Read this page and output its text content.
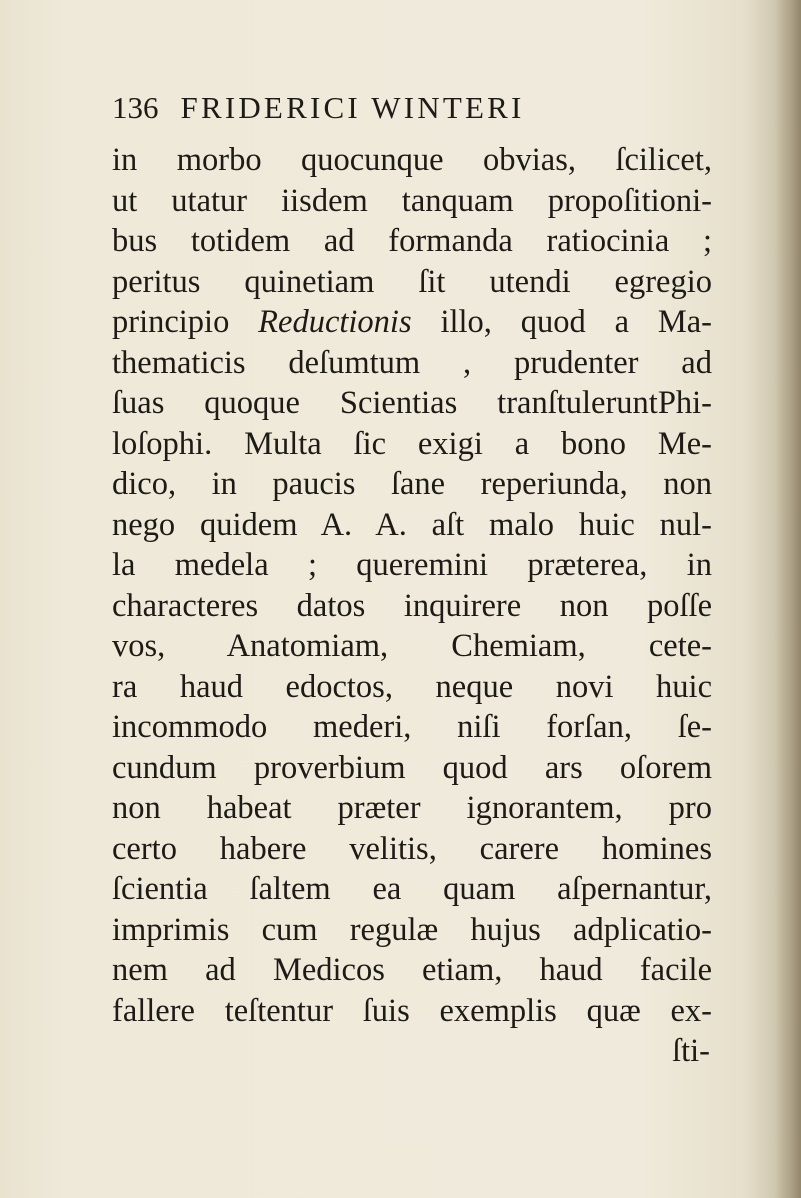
136 FRIDERICI WINTERI
in morbo quocunque obvias, ſcilicet,
ut utatur iisdem tanquam propoſitioni-
bus totidem ad formanda ratiocinia ;
peritus quinetiam ſit utendi egregio
principio Reductionis illo, quod a Ma-
thematicis deſumtum , prudenter ad
ſuas quoque Scientias tranſtuleruntPhi-
loſophi. Multa ſic exigi a bono Me-
dico, in paucis ſane reperiunda, non
nego quidem A. A. aſt malo huic nul-
la medela ; queremini præterea, in
characteres datos inquirere non poſſe
vos, Anatomiam, Chemiam, cete-
ra haud edoctos, neque novi huic
incommodo mederi, niſi forſan, ſe-
cundum proverbium quod ars oſorem
non habeat præter ignorantem, pro
certo habere velitis, carere homines
ſcientia ſaltem ea quam aſpernantur,
imprimis cum regulæ hujus adplicatio-
nem ad Medicos etiam, haud facile
fallere teſtentur ſuis exemplis quæ ex-
ſti-
